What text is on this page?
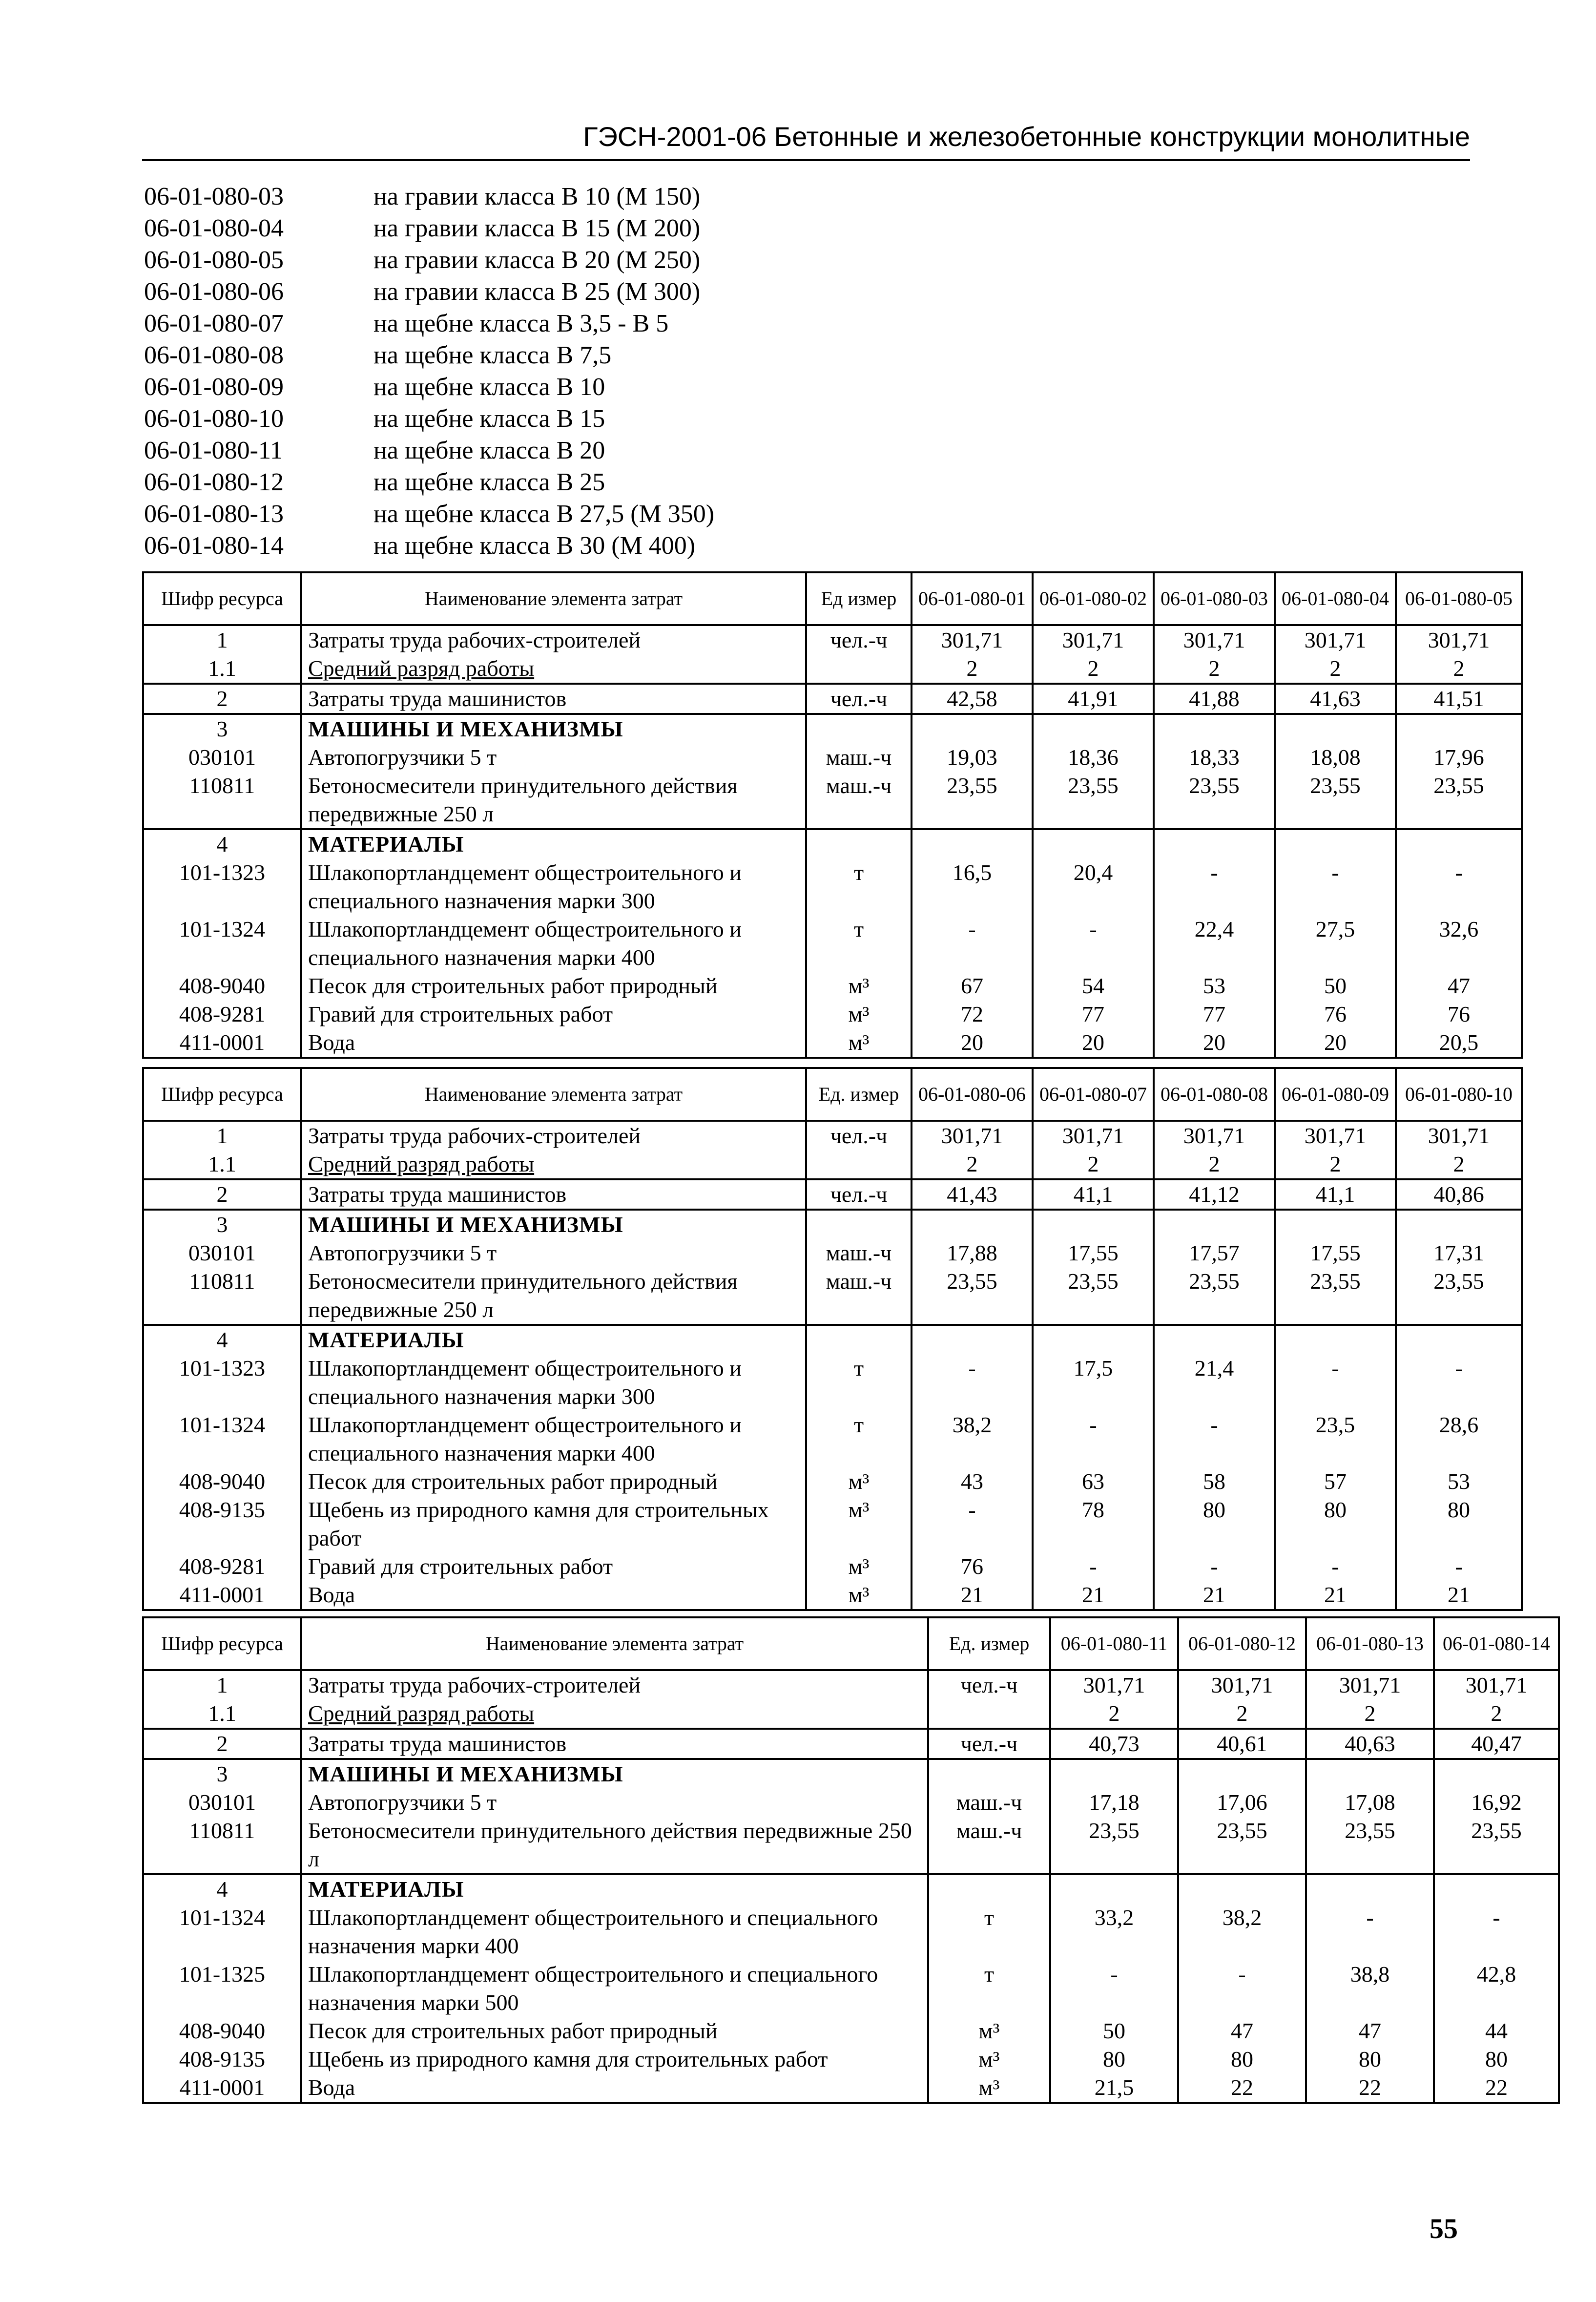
ГЭСН-2001-06 Бетонные и железобетонные конструкции монолитные
06-01-080-03	на гравии класса В 10 (М 150)
06-01-080-04	на гравии класса В 15 (М 200)
06-01-080-05	на гравии класса В 20 (М 250)
06-01-080-06	на гравии класса В 25 (М 300)
06-01-080-07	на щебне класса В 3,5 - В 5
06-01-080-08	на щебне класса В 7,5
06-01-080-09	на щебне класса В 10
06-01-080-10	на щебне класса В 15
06-01-080-11	на щебне класса В 20
06-01-080-12	на щебне класса В 25
06-01-080-13	на щебне класса В 27,5 (М 350)
06-01-080-14	на щебне класса В 30 (М 400)
Шифр ресурса	Наименование элемента затрат	Ед измер	06-01-080-01	06-01-080-02	06-01-080-03	06-01-080-04	06-01-080-05
1	Затраты труда рабочих-строителей	чел.-ч	301,71	301,71	301,71	301,71	301,71
1.1	Средний разряд работы		2	2	2	2	2
2	Затраты труда машинистов	чел.-ч	42,58	41,91	41,88	41,63	41,51
3	МАШИНЫ И МЕХАНИЗМЫ						
030101	Автопогрузчики 5 т	маш.-ч	19,03	18,36	18,33	18,08	17,96
110811	Бетоносмесители принудительного действия передвижные 250 л	маш.-ч	23,55	23,55	23,55	23,55	23,55
4	МАТЕРИАЛЫ						
101-1323	Шлакопортландцемент общестроительного и специального назначения марки 300	т	16,5	20,4	-	-	-
101-1324	Шлакопортландцемент общестроительного и специального назначения марки 400	т	-	-	22,4	27,5	32,6
408-9040	Песок для строительных работ природный	м³	67	54	53	50	47
408-9281	Гравий для строительных работ	м³	72	77	77	76	76
411-0001	Вода	м³	20	20	20	20	20,5
Шифр ресурса	Наименование элемента затрат	Ед. измер	06-01-080-06	06-01-080-07	06-01-080-08	06-01-080-09	06-01-080-10
1	Затраты труда рабочих-строителей	чел.-ч	301,71	301,71	301,71	301,71	301,71
1.1	Средний разряд работы		2	2	2	2	2
2	Затраты труда машинистов	чел.-ч	41,43	41,1	41,12	41,1	40,86
3	МАШИНЫ И МЕХАНИЗМЫ						
030101	Автопогрузчики 5 т	маш.-ч	17,88	17,55	17,57	17,55	17,31
110811	Бетоносмесители принудительного действия передвижные 250 л	маш.-ч	23,55	23,55	23,55	23,55	23,55
4	МАТЕРИАЛЫ						
101-1323	Шлакопортландцемент общестроительного и специального назначения марки 300	т	-	17,5	21,4	-	-
101-1324	Шлакопортландцемент общестроительного и специального назначения марки 400	т	38,2	-	-	23,5	28,6
408-9040	Песок для строительных работ природный	м³	43	63	58	57	53
408-9135	Щебень из природного камня для строительных работ	м³	-	78	80	80	80
408-9281	Гравий для строительных работ	м³	76	-	-	-	-
411-0001	Вода	м³	21	21	21	21	21
Шифр ресурса	Наименование элемента затрат	Ед. измер	06-01-080-11	06-01-080-12	06-01-080-13	06-01-080-14
1	Затраты труда рабочих-строителей	чел.-ч	301,71	301,71	301,71	301,71
1.1	Средний разряд работы		2	2	2	2
2	Затраты труда машинистов	чел.-ч	40,73	40,61	40,63	40,47
3	МАШИНЫ И МЕХАНИЗМЫ					
030101	Автопогрузчики 5 т	маш.-ч	17,18	17,06	17,08	16,92
110811	Бетоносмесители принудительного действия передвижные 250 л	маш.-ч	23,55	23,55	23,55	23,55
4	МАТЕРИАЛЫ					
101-1324	Шлакопортландцемент общестроительного и специального назначения марки 400	т	33,2	38,2	-	-
101-1325	Шлакопортландцемент общестроительного и специального назначения марки 500	т	-	-	38,8	42,8
408-9040	Песок для строительных работ природный	м³	50	47	47	44
408-9135	Щебень из природного камня для строительных работ	м³	80	80	80	80
411-0001	Вода	м³	21,5	22	22	22
55
